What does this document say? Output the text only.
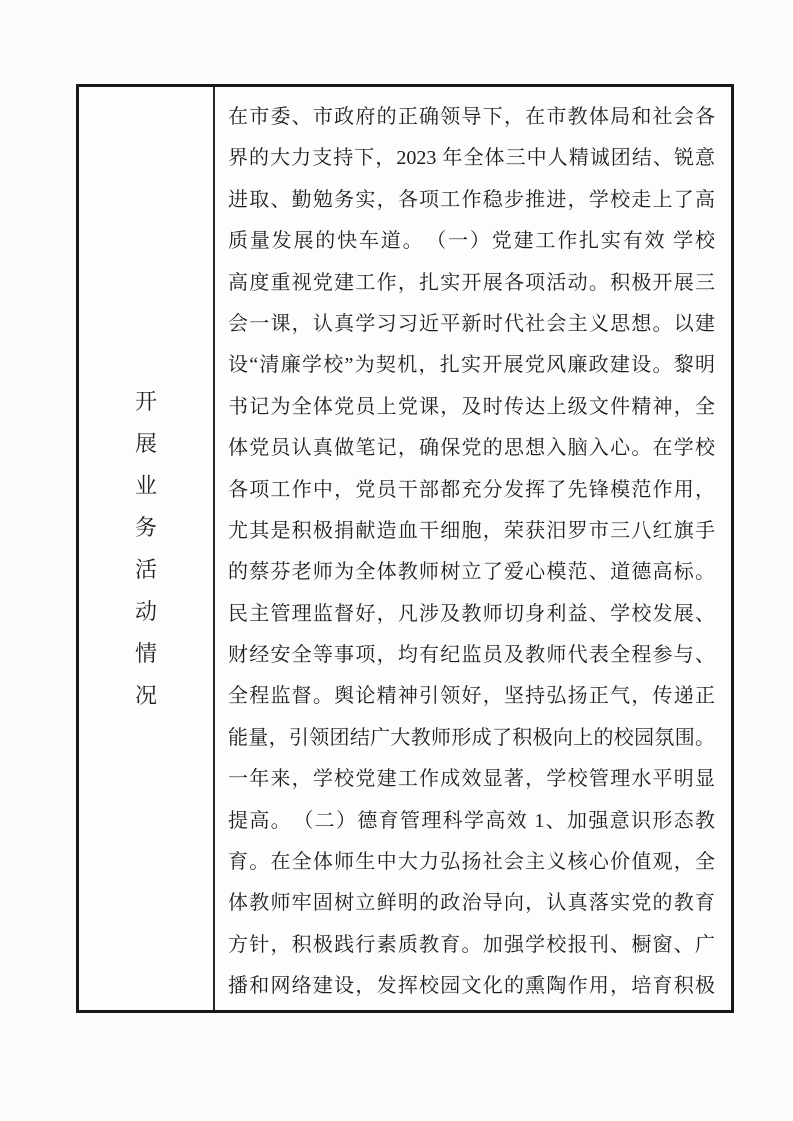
开
展
业
务
活
动
情
况
在市委、市政府的正确领导下，在市教体局和社会各
界的大力支持下，2023 年全体三中人精诚团结、锐意
进取、勤勉务实，各项工作稳步推进，学校走上了高
质量发展的快车道。　（一）党建工作扎实有效 学校
高度重视党建工作，扎实开展各项活动。积极开展三
会一课，认真学习习近平新时代社会主义思想。以建
设“清廉学校”为契机，扎实开展党风廉政建设。黎明
书记为全体党员上党课，及时传达上级文件精神，全
体党员认真做笔记，确保党的思想入脑入心。在学校
各项工作中，党员干部都充分发挥了先锋模范作用，
尤其是积极捐献造血干细胞，荣获汨罗市三八红旗手
的蔡芬老师为全体教师树立了爱心模范、道德高标。
民主管理监督好，凡涉及教师切身利益、学校发展、
财经安全等事项，均有纪监员及教师代表全程参与、
全程监督。舆论精神引领好，坚持弘扬正气，传递正
能量，引领团结广大教师形成了积极向上的校园氛围。
一年来，学校党建工作成效显著，学校管理水平明显
提高。　（二）德育管理科学高效 1、加强意识形态教
育。在全体师生中大力弘扬社会主义核心价值观，全
体教师牢固树立鲜明的政治导向，认真落实党的教育
方针，积极践行素质教育。加强学校报刊、橱窗、广
播和网络建设，发挥校园文化的熏陶作用，培育积极
